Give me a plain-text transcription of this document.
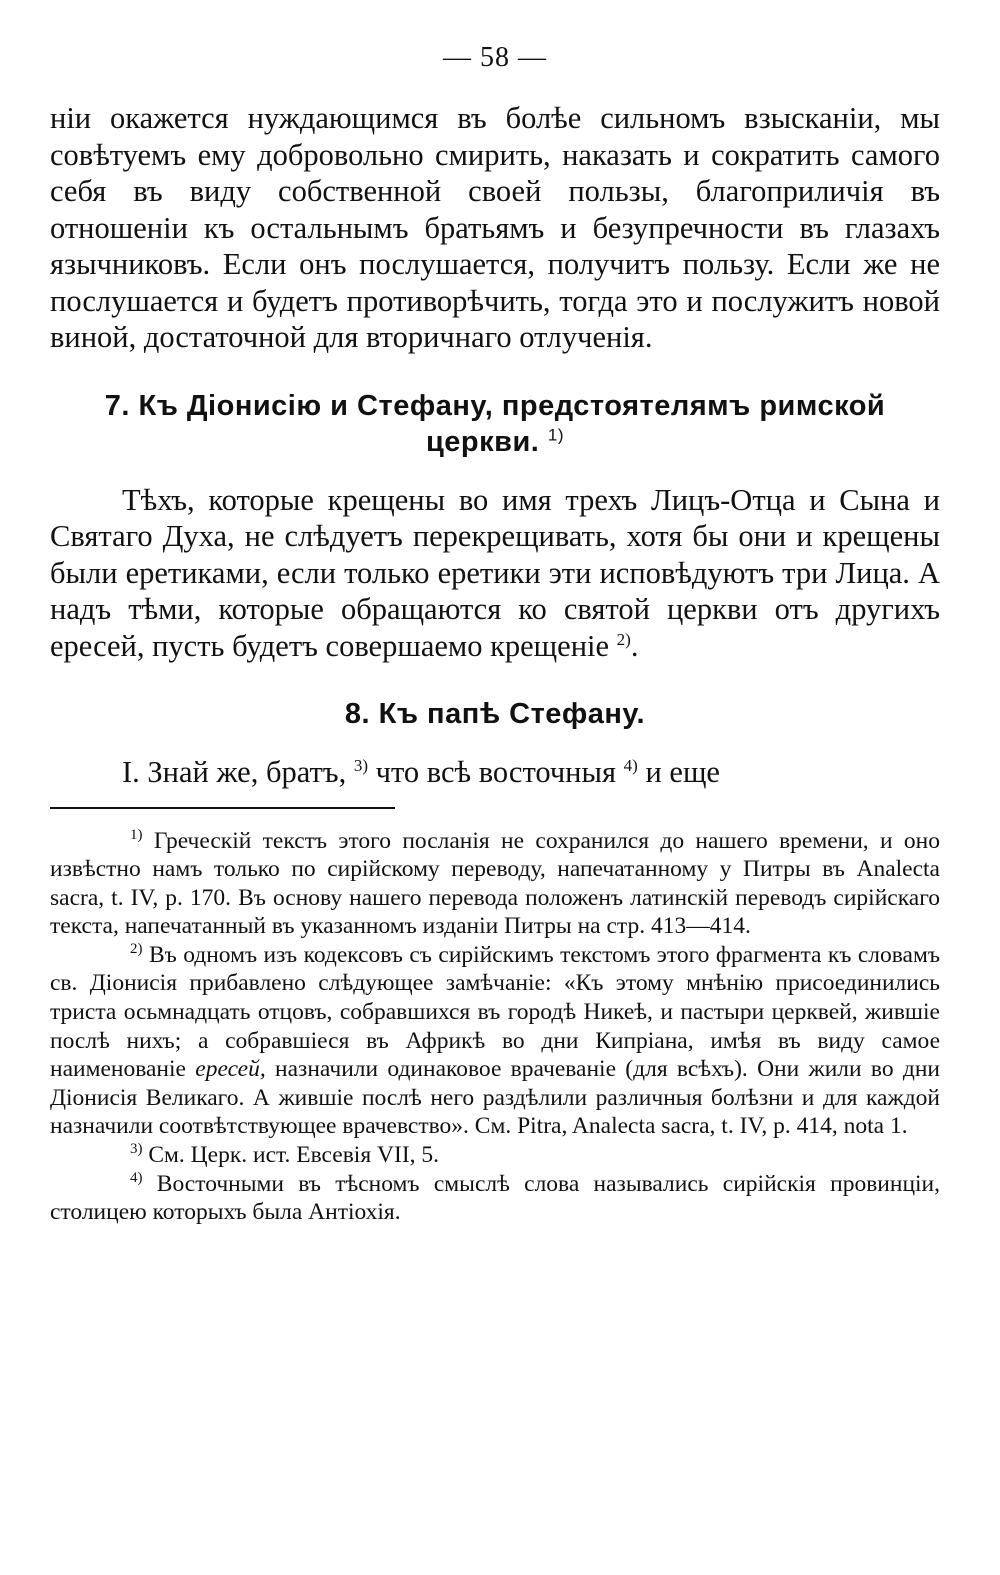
— 58 —

нiи окажется нуждающимся въ болѣе сильномъ взысканiи, мы совѣтуемъ ему добровольно смирить, наказать и сократить самого себя въ виду собственной своей пользы, благоприличiя въ отношенiи къ остальнымъ братьямъ и безупречности въ глазахъ язычниковъ. Если онъ послушается, получитъ пользу. Если же не послушается и будетъ противорѣчить, тогда это и послужитъ новой виной, достаточной для вторичнаго отлученiя.

7. Къ Дiонисiю и Стефану, предстоятелямъ римской церкви. $^{1)}$

Тѣхъ, которые крещены во имя трехъ Лицъ-Отца и Сына и Святаго Духа, не слѣдуетъ перекрещивать, хотя бы они и крещены были еретиками, если только еретики эти исповѣдуютъ три Лица. А надъ тѣми, которые обращаются ко святой церкви отъ другихъ ересей, пусть будетъ совершаемо крещенiе $^{2)}$.

8. Къ папѣ Стефану.

I. Знай же, братъ, $^{3)}$ что всѣ восточныя $^{4)}$ и еще

$^{1)}$ Греческiй текстъ этого посланiя не сохранился до нашего времени, и оно извѣстно намъ только по сирiйскому переводу, напечатанному у Питры въ Analecta sacra, t. IV, p. 170. Въ основу нашего перевода положенъ латинскiй переводъ сирiйскаго текста, напечатанный въ указанномъ изданiи Питры на стр. 413—414.

$^{2)}$ Въ одномъ изъ кодексовъ съ сирiйскимъ текстомъ этого фрагмента къ словамъ св. Дiонисiя прибавлено слѣдующее замѣчанiе: «Къ этому мнѣнiю присоединились триста осьмнадцать отцовъ, собравшихся въ городѣ Никеѣ, и пастыри церквей, жившiе послѣ нихъ; а собравшiеся въ Африкѣ во дни Кипрiана, имѣя въ виду самое наименованiе ересей, назначили одинаковое врачеванiе (для всѣхъ). Они жили во дни Дiонисiя Великаго. А жившiе послѣ него раздѣлили различныя болѣзни и для каждой назначили соотвѣтствующее врачевство». См. Pitra, Analecta sacra, t. IV, p. 414, nota 1.

$^{3)}$ См. Церк. ист. Евсевiя VII, 5.

$^{4)}$ Восточными въ тѣсномъ смыслѣ слова назывались сирiйскiя провинцiи, столицею которыхъ была Антiохiя.
